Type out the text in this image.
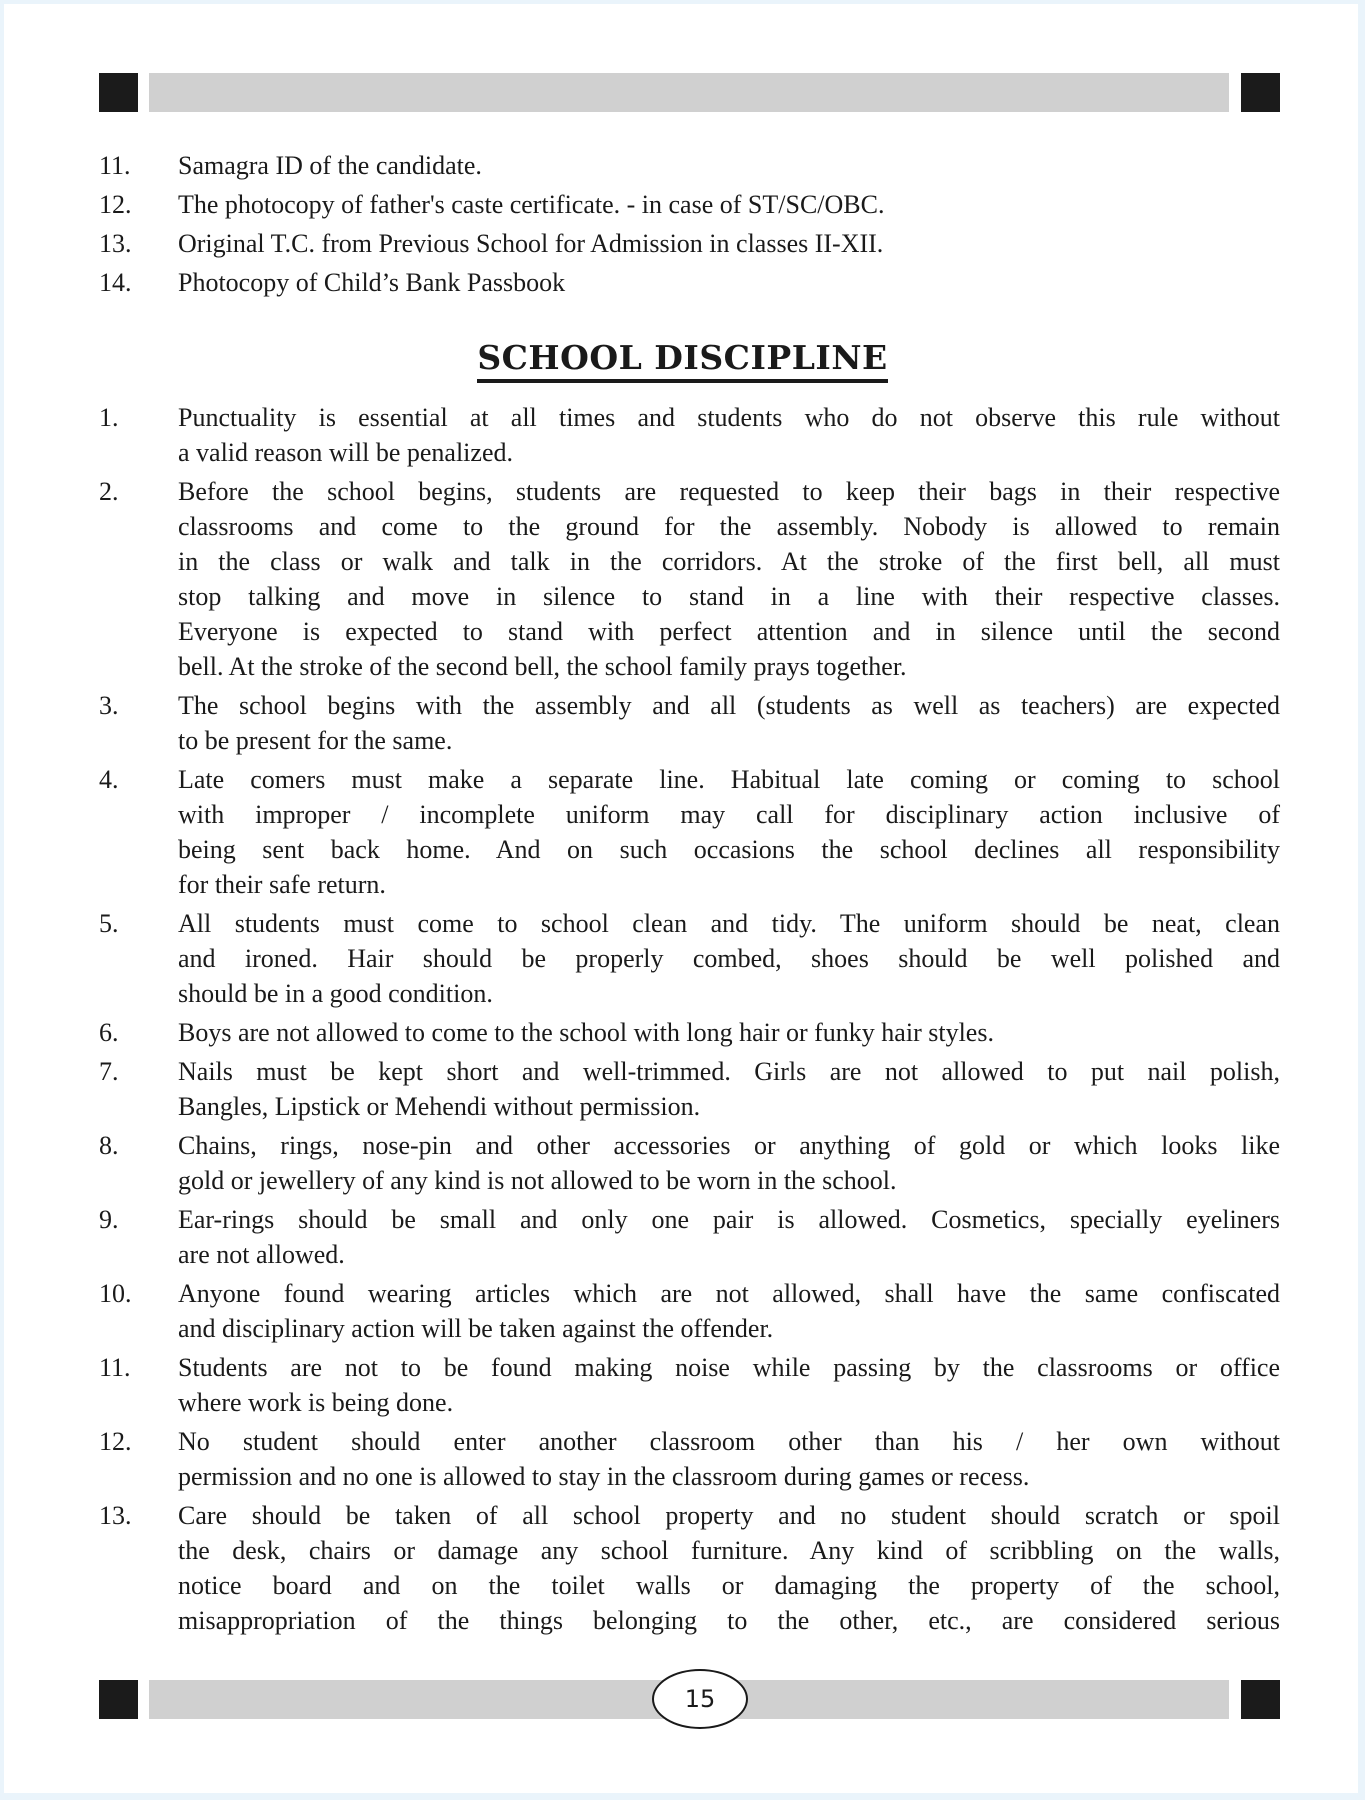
11. Samagra ID of the candidate.
12. The photocopy of father's caste certificate. - in case of ST/SC/OBC.
13. Original T.C. from Previous School for Admission in classes II-XII.
14. Photocopy of Child’s Bank Passbook
SCHOOL DISCIPLINE
1. Punctuality is essential at all times and students who do not observe this rule without
a valid reason will be penalized.
2. Before the school begins, students are requested to keep their bags in their respective
classrooms and come to the ground for the assembly. Nobody is allowed to remain
in the class or walk and talk in the corridors. At the stroke of the first bell, all must
stop talking and move in silence to stand in a line with their respective classes.
Everyone is expected to stand with perfect attention and in silence until the second
bell. At the stroke of the second bell, the school family prays together.
3. The school begins with the assembly and all (students as well as teachers) are expected
to be present for the same.
4. Late comers must make a separate line. Habitual late coming or coming to school
with improper / incomplete uniform may call for disciplinary action inclusive of
being sent back home. And on such occasions the school declines all responsibility
for their safe return.
5. All students must come to school clean and tidy. The uniform should be neat, clean
and ironed. Hair should be properly combed, shoes should be well polished and
should be in a good condition.
6. Boys are not allowed to come to the school with long hair or funky hair styles.
7. Nails must be kept short and well-trimmed. Girls are not allowed to put nail polish,
Bangles, Lipstick or Mehendi without permission.
8. Chains, rings, nose-pin and other accessories or anything of gold or which looks like
gold or jewellery of any kind is not allowed to be worn in the school.
9. Ear-rings should be small and only one pair is allowed. Cosmetics, specially eyeliners
are not allowed.
10. Anyone found wearing articles which are not allowed, shall have the same confiscated
and disciplinary action will be taken against the offender.
11. Students are not to be found making noise while passing by the classrooms or office
where work is being done.
12. No student should enter another classroom other than his / her own without
permission and no one is allowed to stay in the classroom during games or recess.
13. Care should be taken of all school property and no student should scratch or spoil
the desk, chairs or damage any school furniture. Any kind of scribbling on the walls,
notice board and on the toilet walls or damaging the property of the school,
misappropriation of the things belonging to the other, etc., are considered serious
15
